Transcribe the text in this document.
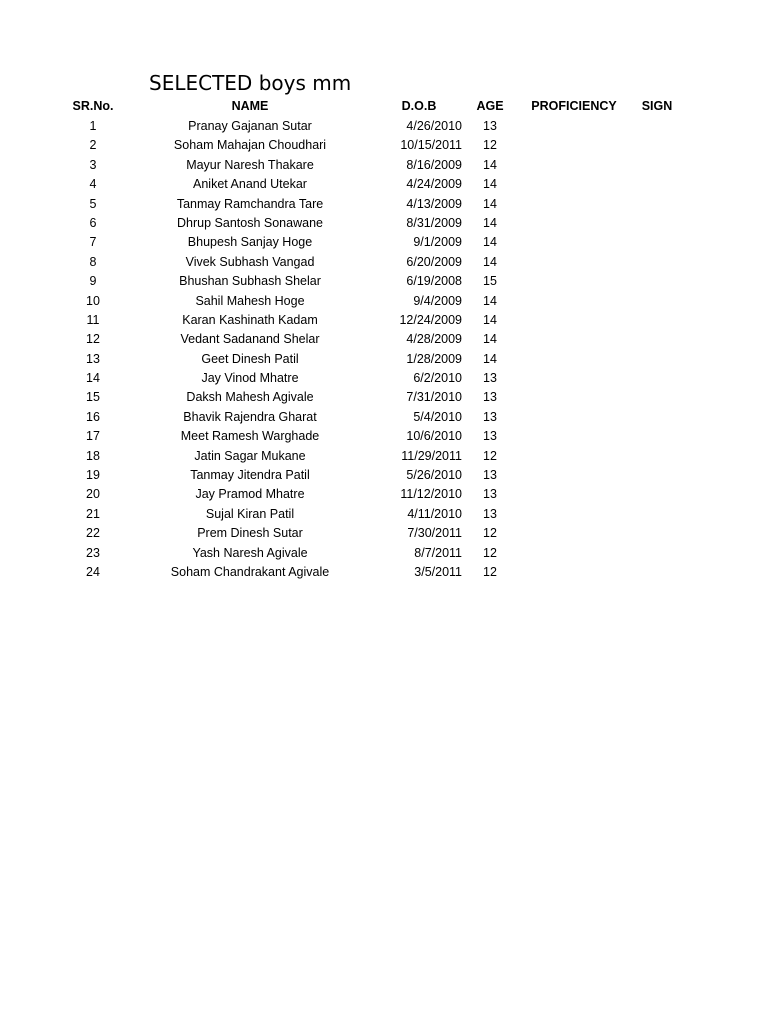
SELECTED boys mm
SR.No.	NAME	D.O.B	AGE	PROFICIENCY	SIGN
1	Pranay Gajanan Sutar	4/26/2010	13
2	Soham Mahajan Choudhari	10/15/2011	12
3	Mayur Naresh Thakare	8/16/2009	14
4	Aniket Anand Utekar	4/24/2009	14
5	Tanmay Ramchandra Tare	4/13/2009	14
6	Dhrup Santosh Sonawane	8/31/2009	14
7	Bhupesh Sanjay Hoge	9/1/2009	14
8	Vivek Subhash Vangad	6/20/2009	14
9	Bhushan Subhash Shelar	6/19/2008	15
10	Sahil Mahesh Hoge	9/4/2009	14
11	Karan Kashinath Kadam	12/24/2009	14
12	Vedant Sadanand Shelar	4/28/2009	14
13	Geet Dinesh Patil	1/28/2009	14
14	Jay Vinod Mhatre	6/2/2010	13
15	Daksh Mahesh Agivale	7/31/2010	13
16	Bhavik Rajendra Gharat	5/4/2010	13
17	Meet Ramesh Warghade	10/6/2010	13
18	Jatin Sagar Mukane	11/29/2011	12
19	Tanmay Jitendra Patil	5/26/2010	13
20	Jay Pramod Mhatre	11/12/2010	13
21	Sujal Kiran Patil	4/11/2010	13
22	Prem Dinesh Sutar	7/30/2011	12
23	Yash Naresh Agivale	8/7/2011	12
24	Soham Chandrakant Agivale	3/5/2011	12
